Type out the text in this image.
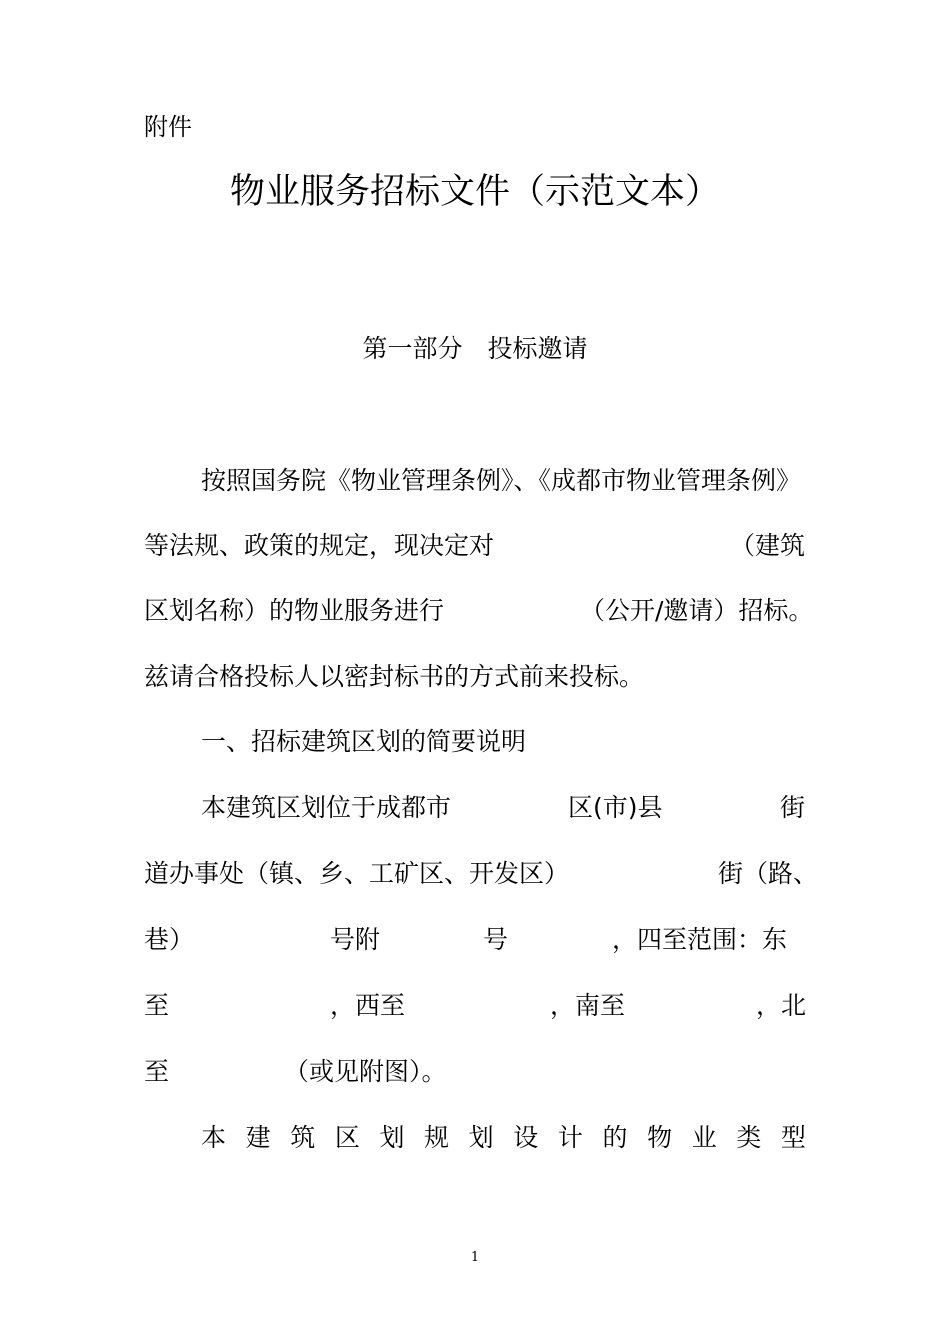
附件
物业服务招标文件（示范文本）
第一部分　投标邀请
按照国务院《物业管理条例》、《成都市物业管理条例》
等法规、政策的规定，现决定对	（建筑
区划名称）的物业服务进行	（公开/邀请）招标。
兹请合格投标人以密封标书的方式前来投标。
一、招标建筑区划的简要说明
本建筑区划位于成都市	区(市)县	街
道办事处（镇、乡、工矿区、开发区）	街（路、
巷）	号附	号	，四至范围：东
至	，西至	，南至	，北
至	（或见附图）。
本 建 筑 区 划 规 划 设 计 的 物 业 类 型
1
